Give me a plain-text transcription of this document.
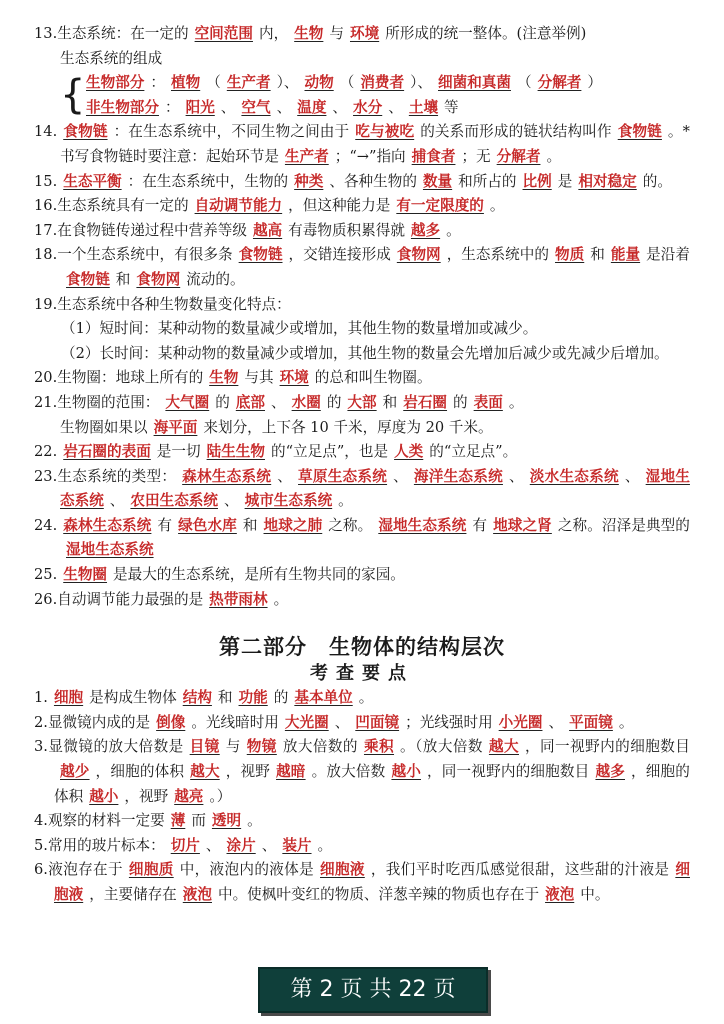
13.生态系统：在一定的 空间范围 内， 生物 与 环境 所形成的统一整体。(注意举例)
生态系统的组成
{ 生物部分 ： 植物 （ 生产者 ）、 动物 （ 消费者 ）、 细菌和真菌 （ 分解者 ）
非生物部分 ： 阳光 、 空气 、 温度 、 水分 、 土壤 等
14. 食物链 ：在生态系统中，不同生物之间由于 吃与被吃 的关系而形成的链状结构叫作 食物链 。* 书写食物链时要注意：起始环节是 生产者 ；“→”指向 捕食者 ；无 分解者 。
15. 生态平衡 ：在生态系统中，生物的 种类 、各种生物的 数量 和所占的 比例 是 相对稳定 的。
16.生态系统具有一定的 自动调节能力 ，但这种能力是 有一定限度的 。
17.在食物链传递过程中营养等级 越高 有毒物质积累得就 越多 。
18.一个生态系统中，有很多条 食物链 ，交错连接形成 食物网 ，生态系统中的 物质 和 能量 是沿着食物链 和 食物网 流动的。
19.生态系统中各种生物数量变化特点：
（1）短时间：某种动物的数量减少或增加，其他生物的数量增加或减少。
（2）长时间：某种动物的数量减少或增加，其他生物的数量会先增加后减少或先减少后增加。
20.生物圈：地球上所有的 生物 与其 环境 的总和叫生物圈。
21.生物圈的范围： 大气圈 的 底部 、 水圈 的 大部 和 岩石圈 的 表面 。
生物圈如果以 海平面 来划分，上下各 10 千米，厚度为 20 千米。
22. 岩石圈的表面 是一切 陆生生物 的“立足点”，也是 人类 的“立足点”。
23.生态系统的类型： 森林生态系统 、 草原生态系统 、 海洋生态系统 、 淡水生态系统 、 湿地生态系统 、 农田生态系统 、 城市生态系统 。
24. 森林生态系统 有 绿色水库 和 地球之肺 之称。 湿地生态系统 有 地球之肾 之称。沼泽是典型的湿地生态系统
25. 生物圈 是最大的生态系统，是所有生物共同的家园。
26.自动调节能力最强的是 热带雨林 。
第二部分　生物体的结构层次
考查要点
1. 细胞 是构成生物体 结构 和 功能 的 基本单位 。
2.显微镜内成的是 倒像 。光线暗时用 大光圈 、 凹面镜 ；光线强时用 小光圈 、 平面镜 。
3.显微镜的放大倍数是 目镜 与 物镜 放大倍数的 乘积 。（放大倍数 越大 ，同一视野内的细胞数目越少 ，细胞的体积 越大 ，视野 越暗 。放大倍数 越小 ，同一视野内的细胞数目 越多 ，细胞的体积 越小 ，视野 越亮 。）
4.观察的材料一定要 薄 而 透明 。
5.常用的玻片标本： 切片 、 涂片 、 装片 。
6.液泡存在于 细胞质 中，液泡内的液体是 细胞液 ，我们平时吃西瓜感觉很甜，这些甜的汁液是 细胞液 ，主要储存在 液泡 中。使枫叶变红的物质、洋葱辛辣的物质也存在于 液泡 中。
第 2 页 共 22 页
